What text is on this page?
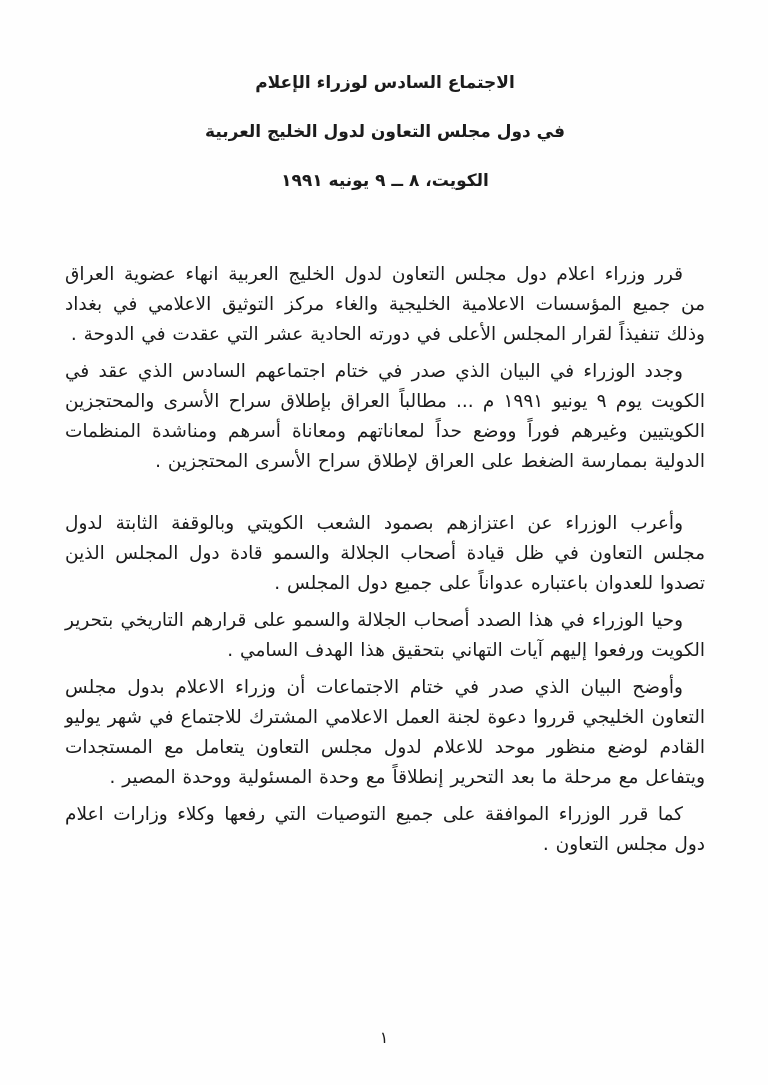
الاجتماع السادس لوزراء الإعلام
في دول مجلس التعاون لدول الخليج العربية
الكويت، ٨ ــ ٩ يونيه ١٩٩١

قرر وزراء اعلام دول مجلس التعاون لدول الخليج العربية انهاء عضوية العراق من جميع المؤسسات الاعلامية الخليجية والغاء مركز التوثيق الاعلامي في بغداد وذلك تنفيذاً لقرار المجلس الأعلى في دورته الحادية عشر التي عقدت في الدوحة .

وجدد الوزراء في البيان الذي صدر في ختام اجتماعهم السادس الذي عقد في الكويت يوم ٩ يونيو ١٩٩١ م ... مطالباً العراق بإطلاق سراح الأسرى والمحتجزين الكويتيين وغيرهم فوراً ووضع حداً لمعاناتهم ومعاناة أسرهم ومناشدة المنظمات الدولية بممارسة الضغط على العراق لإطلاق سراح الأسرى المحتجزين .

وأعرب الوزراء عن اعتزازهم بصمود الشعب الكويتي وبالوقفة الثابتة لدول مجلس التعاون في ظل قيادة أصحاب الجلالة والسمو قادة دول المجلس الذين تصدوا للعدوان باعتباره عدواناً على جميع دول المجلس .

وحيا الوزراء في هذا الصدد أصحاب الجلالة والسمو على قرارهم التاريخي بتحرير الكويت ورفعوا إليهم آيات التهاني بتحقيق هذا الهدف السامي .

وأوضح البيان الذي صدر في ختام الاجتماعات أن وزراء الاعلام بدول مجلس التعاون الخليجي قرروا دعوة لجنة العمل الاعلامي المشترك للاجتماع في شهر يوليو القادم لوضع منظور موحد للاعلام لدول مجلس التعاون يتعامل مع المستجدات ويتفاعل مع مرحلة ما بعد التحرير إنطلاقاً مع وحدة المسئولية ووحدة المصير .

كما قرر الوزراء الموافقة على جميع التوصيات التي رفعها وكلاء وزارات اعلام دول مجلس التعاون .

١
